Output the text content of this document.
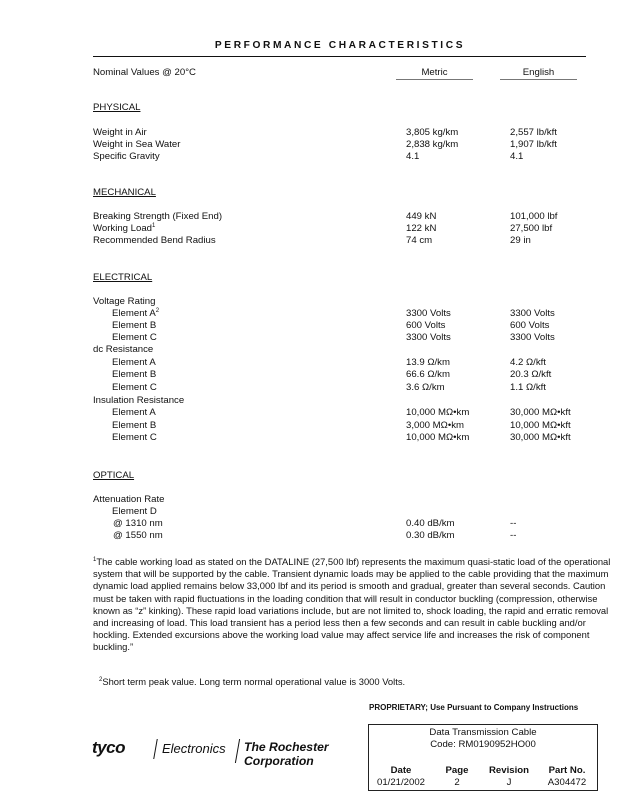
PERFORMANCE CHARACTERISTICS
Nominal Values @ 20°C	Metric	English
PHYSICAL
Weight in Air	3,805 kg/km	2,557 lb/kft
Weight in Sea Water	2,838 kg/km	1,907 lb/kft
Specific Gravity	4.1	4.1
MECHANICAL
Breaking Strength (Fixed End)	449 kN	101,000 lbf
Working Load$^1$	122 kN	27,500 lbf
Recommended Bend Radius	74 cm	29 in
ELECTRICAL
Voltage Rating
Element $A^2$	3300 Volts	3300 Volts
Element B	600 Volts	600 Volts
Element C	3300 Volts	3300 Volts
dc Resistance
Element A	13.9 Ω/km	4.2 Ω/kft
Element B	66.6 Ω/km	20.3 Ω/kft
Element C	3.6 Ω/km	1.1 Ω/kft
Insulation Resistance
Element A	10,000 MΩ•km	30,000 MΩ•kft
Element B	3,000 MΩ•km	10,000 MΩ•kft
Element C	10,000 MΩ•km	30,000 MΩ•kft
OPTICAL
Attenuation Rate
Element D
@ 1310 nm	0.40 dB/km	--
@ 1550 nm	0.30 dB/km	--
$^1$The cable working load as stated on the DATALINE (27,500 lbf) represents the maximum quasi-static load of the operational system that will be supported by the cable. Transient dynamic loads may be applied to the cable providing that the maximum dynamic load applied remains below 33,000 lbf and its period is smooth and gradual, greater than several seconds. Caution must be taken with rapid fluctuations in the loading condition that will result in conductor buckling (compression, otherwise known as “z” kinking). These rapid load variations include, but are not limited to, shock loading, the rapid and erratic removal and increasing of load. This load transient has a period less then a few seconds and can result in cable buckling and/or hockling. Extended excursions above the working load value may affect service life and increases the risk of component buckling.”
$^2$Short term peak value. Long term normal operational value is 3000 Volts.
PROPRIETARY; Use Pursuant to Company Instructions
tyco	Electronics The Rochester
Corporation
Data Transmission Cable
Code: RM0190952HO00
Date	Page	Revision	Part No.
01/21/2002	2	J	A304472
